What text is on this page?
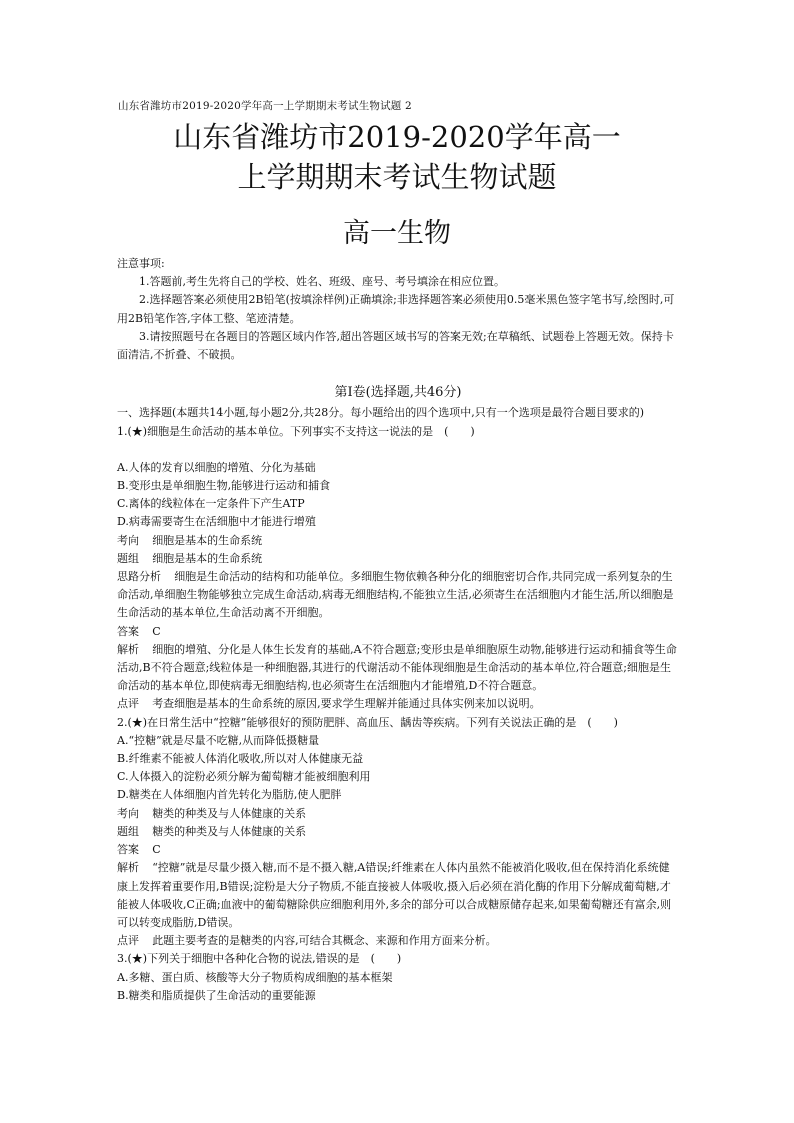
山东省潍坊市2019-2020学年高一上学期期末考试生物试题 2
山东省潍坊市2019-2020学年高一
上学期期末考试生物试题
高一生物

注意事项:

1.答题前,考生先将自己的学校、姓名、班级、座号、考号填涂在相应位置。

2.选择题答案必须使用2B铅笔(按填涂样例)正确填涂;非选择题答案必须使用0.5毫米黑色签字笔书写,绘图时,可用2B铅笔作答,字体工整、笔迹清楚。

3.请按照题号在各题目的答题区域内作答,超出答题区域书写的答案无效;在草稿纸、试题卷上答题无效。保持卡面清洁,不折叠、不破损。

第Ⅰ卷(选择题,共46分)

一、选择题(本题共14小题,每小题2分,共28分。每小题给出的四个选项中,只有一个选项是最符合题目要求的)

1.(★)细胞是生命活动的基本单位。下列事实不支持这一说法的是　(　　)

A.人体的发育以细胞的增殖、分化为基础

B.变形虫是单细胞生物,能够进行运动和捕食

C.离体的线粒体在一定条件下产生ATP

D.病毒需要寄生在活细胞中才能进行增殖

考向 细胞是基本的生命系统

题组 细胞是基本的生命系统

思路分析 细胞是生命活动的结构和功能单位。多细胞生物依赖各种分化的细胞密切合作,共同完成一系列复杂的生命活动,单细胞生物能够独立完成生命活动,病毒无细胞结构,不能独立生活,必须寄生在活细胞内才能生活,所以细胞是生命活动的基本单位,生命活动离不开细胞。

答案 C

解析 细胞的增殖、分化是人体生长发育的基础,A不符合题意;变形虫是单细胞原生动物,能够进行运动和捕食等生命活动,B不符合题意;线粒体是一种细胞器,其进行的代谢活动不能体现细胞是生命活动的基本单位,符合题意;细胞是生命活动的基本单位,即使病毒无细胞结构,也必须寄生在活细胞内才能增殖,D不符合题意。

点评 考查细胞是基本的生命系统的原因,要求学生理解并能通过具体实例来加以说明。

2.(★)在日常生活中“控糖”能够很好的预防肥胖、高血压、龋齿等疾病。下列有关说法正确的是　(　　)

A.“控糖”就是尽量不吃糖,从而降低摄糖量

B.纤维素不能被人体消化吸收,所以对人体健康无益

C.人体摄入的淀粉必须分解为葡萄糖才能被细胞利用

D.糖类在人体细胞内首先转化为脂肪,使人肥胖

考向 糖类的种类及与人体健康的关系

题组 糖类的种类及与人体健康的关系

答案 C

解析 “控糖”就是尽量少摄入糖,而不是不摄入糖,A错误;纤维素在人体内虽然不能被消化吸收,但在保持消化系统健康上发挥着重要作用,B错误;淀粉是大分子物质,不能直接被人体吸收,摄入后必须在消化酶的作用下分解成葡萄糖,才能被人体吸收,C正确;血液中的葡萄糖除供应细胞利用外,多余的部分可以合成糖原储存起来,如果葡萄糖还有富余,则可以转变成脂肪,D错误。

点评 此题主要考查的是糖类的内容,可结合其概念、来源和作用方面来分析。

3.(★)下列关于细胞中各种化合物的说法,错误的是　(　　)

A.多糖、蛋白质、核酸等大分子物质构成细胞的基本框架

B.糖类和脂质提供了生命活动的重要能源
